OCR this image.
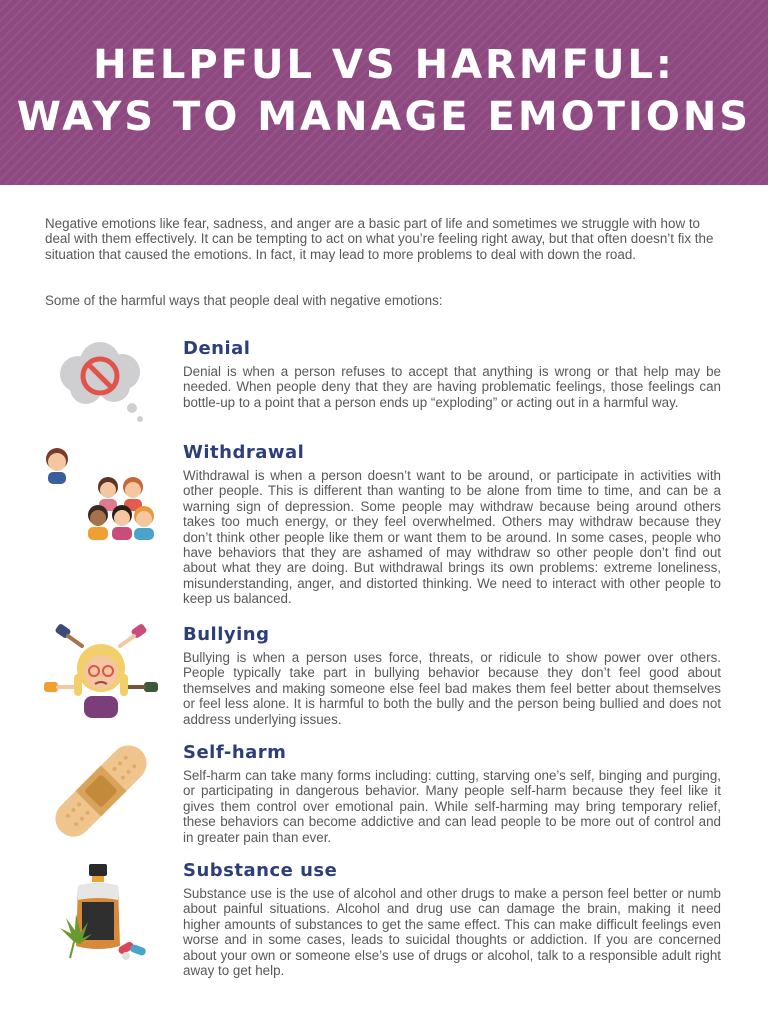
HELPFUL VS HARMFUL:
WAYS TO MANAGE EMOTIONS

Negative emotions like fear, sadness, and anger are a basic part of life and sometimes we struggle with how to deal with them effectively. It can be tempting to act on what you’re feeling right away, but that often doesn’t fix the situation that caused the emotions. In fact, it may lead to more problems to deal with down the road.

Some of the harmful ways that people deal with negative emotions:

Denial

Denial is when a person refuses to accept that anything is wrong or that help may be needed. When people deny that they are having problematic feelings, those feelings can bottle-up to a point that a person ends up “exploding” or acting out in a harmful way.

Withdrawal

Withdrawal is when a person doesn’t want to be around, or participate in activities with other people. This is different than wanting to be alone from time to time, and can be a warning sign of depression. Some people may withdraw because being around others takes too much energy, or they feel overwhelmed. Others may withdraw because they don’t think other people like them or want them to be around. In some cases, people who have behaviors that they are ashamed of may withdraw so other people don’t find out about what they are doing. But withdrawal brings its own problems: extreme loneliness, misunderstanding, anger, and distorted thinking. We need to interact with other people to keep us balanced.

Bullying

Bullying is when a person uses force, threats, or ridicule to show power over others. People typically take part in bullying behavior because they don’t feel good about themselves and making someone else feel bad makes them feel better about themselves or feel less alone. It is harmful to both the bully and the person being bullied and does not address underlying issues.

Self-harm

Self-harm can take many forms including: cutting, starving one’s self, binging and purging, or participating in dangerous behavior. Many people self-harm because they feel like it gives them control over emotional pain. While self-harming may bring temporary relief, these behaviors can become addictive and can lead people to be more out of control and in greater pain than ever.

Substance use

Substance use is the use of alcohol and other drugs to make a person feel better or numb about painful situations. Alcohol and drug use can damage the brain, making it need higher amounts of substances to get the same effect. This can make difficult feelings even worse and in some cases, leads to suicidal thoughts or addiction. If you are concerned about your own or someone else’s use of drugs or alcohol, talk to a responsible adult right away to get help.
